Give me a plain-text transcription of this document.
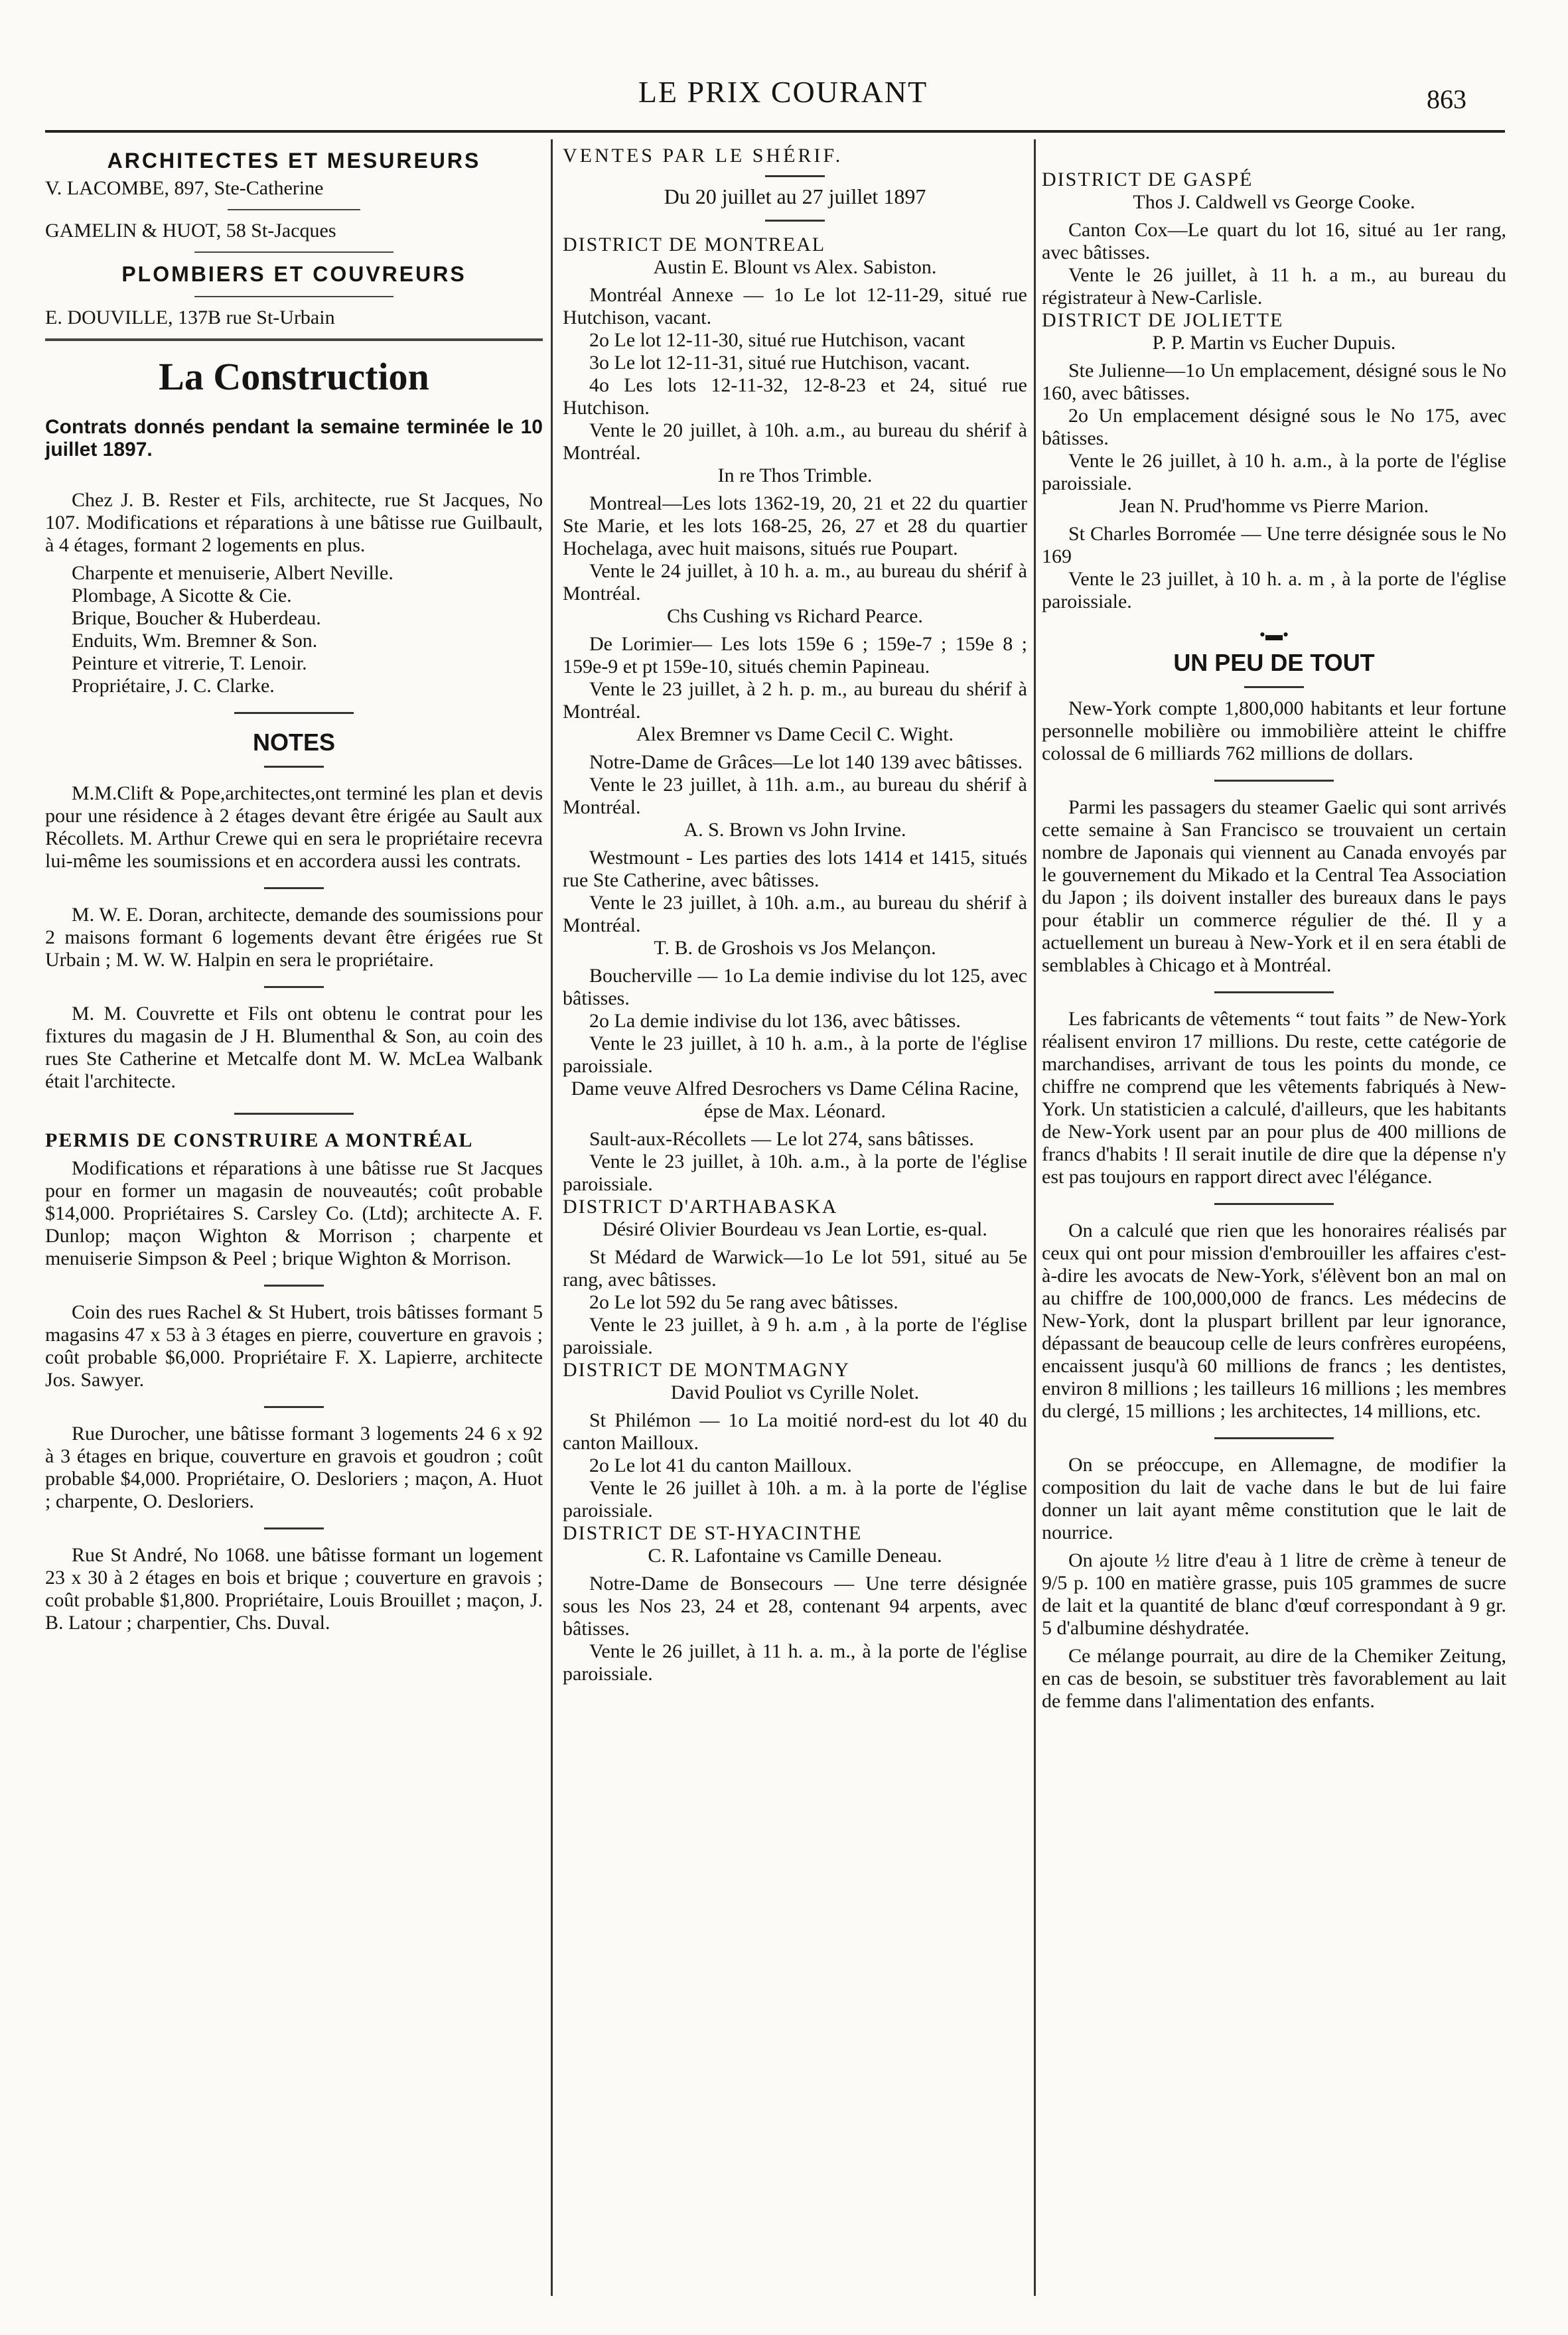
LE PRIX COURANT	863
ARCHITECTES ET MESUREURS

V. LACOMBE, 897, Ste-Catherine

GAMELIN & HUOT, 58 St-Jacques

PLOMBIERS ET COUVREURS

E. DOUVILLE, 137B rue St-Urbain

La Construction

Contrats donnés pendant la semaine terminée le 10 juillet 1897.

Chez J. B. Rester et Fils, architecte, rue St Jacques, No 107. Modifications et réparations à une bâtisse rue Guilbault, à 4 étages, formant 2 logements en plus.

Charpente et menuiserie, Albert Neville.

Plombage, A Sicotte & Cie.

Brique, Boucher & Huberdeau.

Enduits, Wm. Bremner & Son.

Peinture et vitrerie, T. Lenoir.

Propriétaire, J. C. Clarke.

NOTES

M.M.Clift & Pope,architectes,ont terminé les plan et devis pour une résidence à 2 étages devant être érigée au Sault aux Récollets. M. Arthur Crewe qui en sera le propriétaire recevra lui-même les soumissions et en accordera aussi les contrats.

M. W. E. Doran, architecte, demande des soumissions pour 2 maisons formant 6 logements devant être érigées rue St Urbain ; M. W. W. Halpin en sera le propriétaire.

M. M. Couvrette et Fils ont obtenu le contrat pour les fixtures du magasin de J H. Blumenthal & Son, au coin des rues Ste Catherine et Metcalfe dont M. W. McLea Walbank était l'architecte.

PERMIS DE CONSTRUIRE A MONTRÉAL

Modifications et réparations à une bâtisse rue St Jacques pour en former un magasin de nouveautés; coût probable $14,000. Propriétaires S. Carsley Co. (Ltd); architecte A. F. Dunlop; maçon Wighton & Morrison ; charpente et menuiserie Simpson & Peel ; brique Wighton & Morrison.

Coin des rues Rachel & St Hubert, trois bâtisses formant 5 magasins 47 x 53 à 3 étages en pierre, couverture en gravois ; coût probable $6,000. Propriétaire F. X. Lapierre, architecte Jos. Sawyer.

Rue Durocher, une bâtisse formant 3 logements 24 6 x 92 à 3 étages en brique, couverture en gravois et goudron ; coût probable $4,000. Propriétaire, O. Desloriers ; maçon, A. Huot ; charpente, O. Desloriers.

Rue St André, No 1068. une bâtisse formant un logement 23 x 30 à 2 étages en bois et brique ; couverture en gravois ; coût probable $1,800. Propriétaire, Louis Brouillet ; maçon, J. B. Latour ; charpentier, Chs. Duval.

VENTES PAR LE SHÉRIF.

Du 20 juillet au 27 juillet 1897

DISTRICT DE MONTREAL

Austin E. Blount vs Alex. Sabiston.

Montréal Annexe — 1o Le lot 12-11-29, situé rue Hutchison, vacant.

2o Le lot 12-11-30, situé rue Hutchison, vacant

3o Le lot 12-11-31, situé rue Hutchison, vacant.

4o Les lots 12-11-32, 12-8-23 et 24, situé rue Hutchison.

Vente le 20 juillet, à 10h. a.m., au bureau du shérif à Montréal.

In re Thos Trimble.

Montreal—Les lots 1362-19, 20, 21 et 22 du quartier Ste Marie, et les lots 168-25, 26, 27 et 28 du quartier Hochelaga, avec huit maisons, situés rue Poupart.

Vente le 24 juillet, à 10 h. a. m., au bureau du shérif à Montréal.

Chs Cushing vs Richard Pearce.

De Lorimier— Les lots 159e 6 ; 159e-7 ; 159e 8 ; 159e-9 et pt 159e-10, situés chemin Papineau.

Vente le 23 juillet, à 2 h. p. m., au bureau du shérif à Montréal.

Alex Bremner vs Dame Cecil C. Wight.

Notre-Dame de Grâces—Le lot 140 139 avec bâtisses.

Vente le 23 juillet, à 11h. a.m., au bureau du shérif à Montréal.

A. S. Brown vs John Irvine.

Westmount - Les parties des lots 1414 et 1415, situés rue Ste Catherine, avec bâtisses.

Vente le 23 juillet, à 10h. a.m., au bureau du shérif à Montréal.

T. B. de Groshois vs Jos Melançon.

Boucherville — 1o La demie indivise du lot 125, avec bâtisses.

2o La demie indivise du lot 136, avec bâtisses.

Vente le 23 juillet, à 10 h. a.m., à la porte de l'église paroissiale.

Dame veuve Alfred Desrochers vs Dame Célina Racine, épse de Max. Léonard.

Sault-aux-Récollets — Le lot 274, sans bâtisses.

Vente le 23 juillet, à 10h. a.m., à la porte de l'église paroissiale.

DISTRICT D'ARTHABASKA

Désiré Olivier Bourdeau vs Jean Lortie, es-qual.

St Médard de Warwick—1o Le lot 591, situé au 5e rang, avec bâtisses.

2o Le lot 592 du 5e rang avec bâtisses.

Vente le 23 juillet, à 9 h. a.m , à la porte de l'église paroissiale.

DISTRICT DE MONTMAGNY

David Pouliot vs Cyrille Nolet.

St Philémon — 1o La moitié nord-est du lot 40 du canton Mailloux.

2o Le lot 41 du canton Mailloux.

Vente le 26 juillet à 10h. a m. à la porte de l'église paroissiale.

DISTRICT DE ST-HYACINTHE

C. R. Lafontaine vs Camille Deneau.

Notre-Dame de Bonsecours — Une terre désignée sous les Nos 23, 24 et 28, contenant 94 arpents, avec bâtisses.

Vente le 26 juillet, à 11 h. a. m., à la porte de l'église paroissiale.

DISTRICT DE GASPÉ

Thos J. Caldwell vs George Cooke.

Canton Cox—Le quart du lot 16, situé au 1er rang, avec bâtisses.

Vente le 26 juillet, à 11 h. a m., au bureau du régistrateur à New-Carlisle.

DISTRICT DE JOLIETTE

P. P. Martin vs Eucher Dupuis.

Ste Julienne—1o Un emplacement, désigné sous le No 160, avec bâtisses.

2o Un emplacement désigné sous le No 175, avec bâtisses.

Vente le 26 juillet, à 10 h. a.m., à la porte de l'église paroissiale.

Jean N. Prud'homme vs Pierre Marion.

St Charles Borromée — Une terre désignée sous le No 169

Vente le 23 juillet, à 10 h. a. m , à la porte de l'église paroissiale.

•▬•
UN PEU DE TOUT

New-York compte 1,800,000 habitants et leur fortune personnelle mobilière ou immobilière atteint le chiffre colossal de 6 milliards 762 millions de dollars.

Parmi les passagers du steamer Gaelic qui sont arrivés cette semaine à San Francisco se trouvaient un certain nombre de Japonais qui viennent au Canada envoyés par le gouvernement du Mikado et la Central Tea Association du Japon ; ils doivent installer des bureaux dans le pays pour établir un commerce régulier de thé. Il y a actuellement un bureau à New-York et il en sera établi de semblables à Chicago et à Montréal.

Les fabricants de vêtements “ tout faits ” de New-York réalisent environ 17 millions. Du reste, cette catégorie de marchandises, arrivant de tous les points du monde, ce chiffre ne comprend que les vêtements fabriqués à New-York. Un statisticien a calculé, d'ailleurs, que les habitants de New-York usent par an pour plus de 400 millions de francs d'habits ! Il serait inutile de dire que la dépense n'y est pas toujours en rapport direct avec l'élégance.

On a calculé que rien que les honoraires réalisés par ceux qui ont pour mission d'embrouiller les affaires c'est-à-dire les avocats de New-York, s'élèvent bon an mal on au chiffre de 100,000,000 de francs. Les médecins de New-York, dont la pluspart brillent par leur ignorance, dépassant de beaucoup celle de leurs confrères européens, encaissent jusqu'à 60 millions de francs ; les dentistes, environ 8 millions ; les tailleurs 16 millions ; les membres du clergé, 15 millions ; les architectes, 14 millions, etc.

On se préoccupe, en Allemagne, de modifier la composition du lait de vache dans le but de lui faire donner un lait ayant même constitution que le lait de nourrice.

On ajoute ½ litre d'eau à 1 litre de crème à teneur de 9/5 p. 100 en matière grasse, puis 105 grammes de sucre de lait et la quantité de blanc d'œuf correspondant à 9 gr. 5 d'albumine déshydratée.

Ce mélange pourrait, au dire de la Chemiker Zeitung, en cas de besoin, se substituer très favorablement au lait de femme dans l'alimentation des enfants.
